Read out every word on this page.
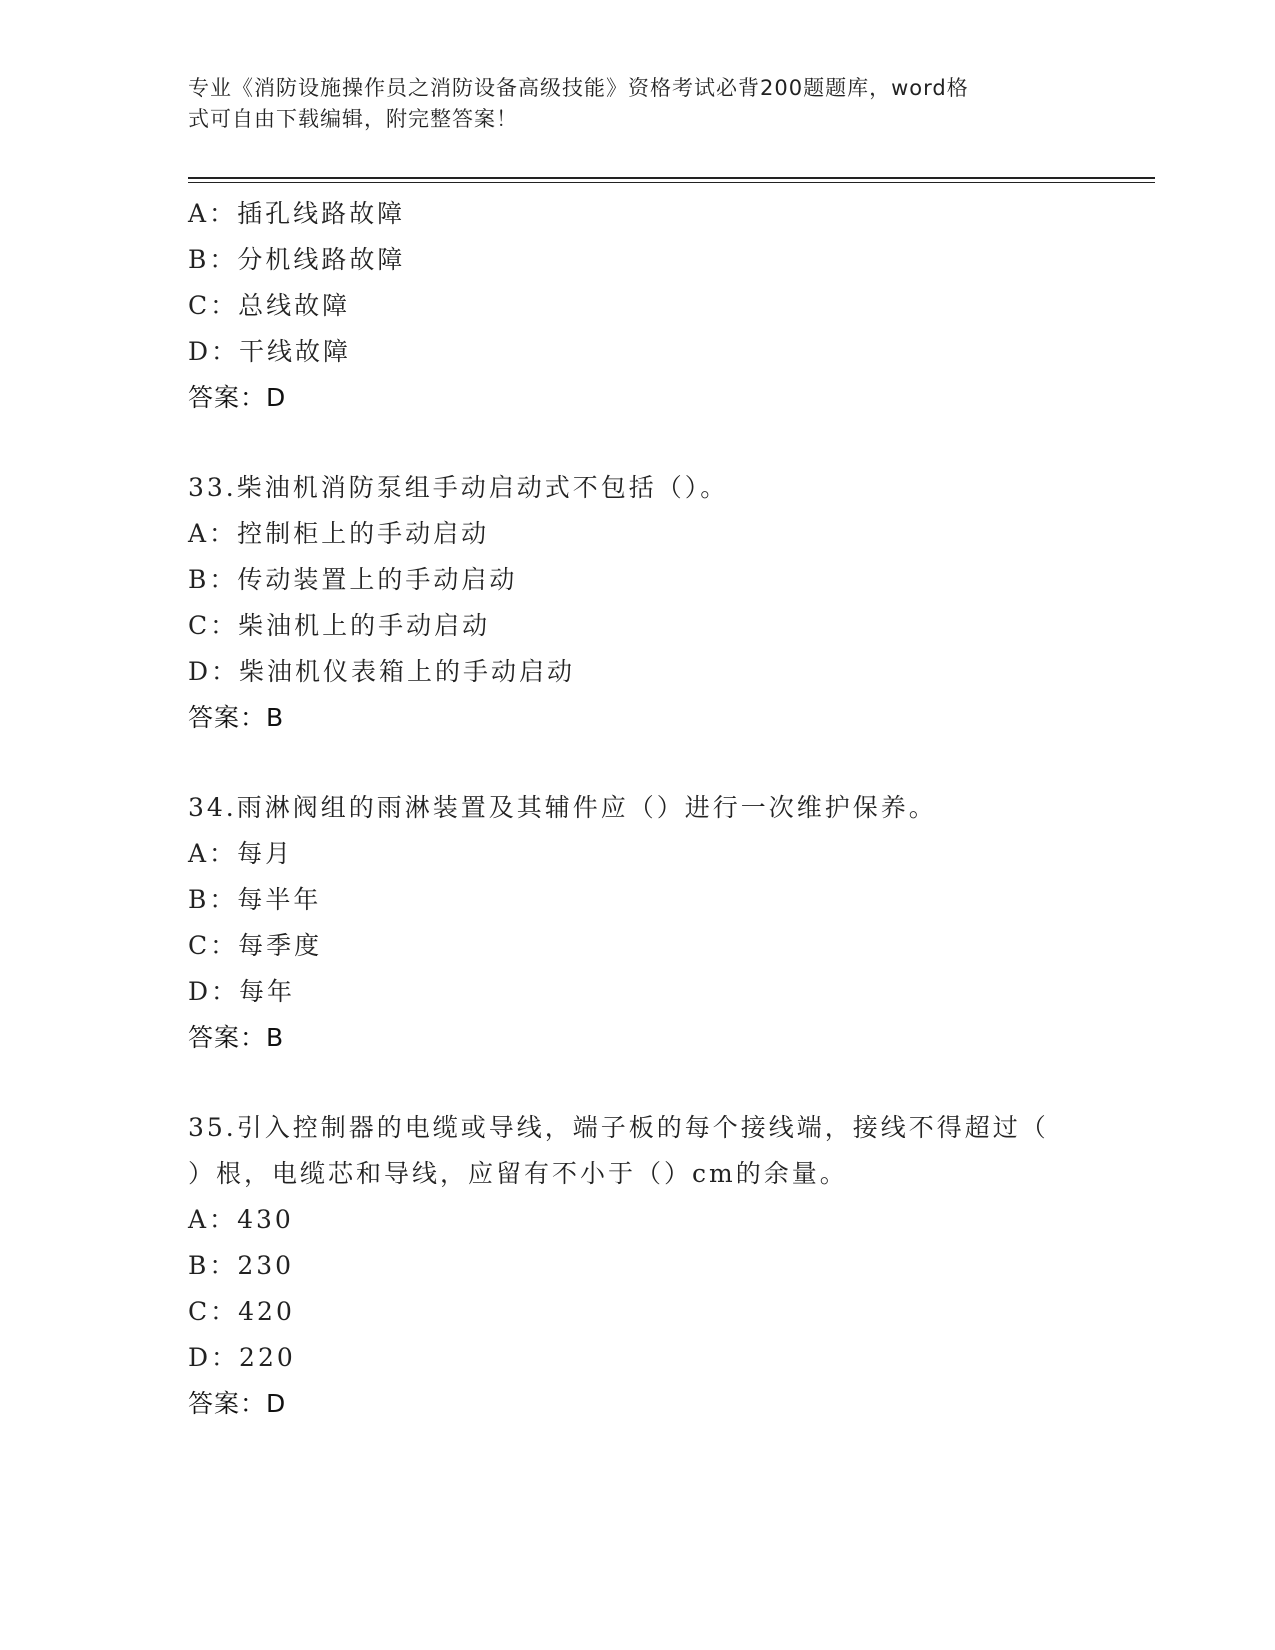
专业《消防设施操作员之消防设备高级技能》资格考试必背200题题库，word格
式可自由下载编辑，附完整答案！
A：插孔线路故障
B：分机线路故障
C：总线故障
D：干线故障
答案：D
33.柴油机消防泵组手动启动式不包括（）。
A：控制柜上的手动启动
B：传动装置上的手动启动
C：柴油机上的手动启动
D：柴油机仪表箱上的手动启动
答案：B
34.雨淋阀组的雨淋装置及其辅件应（）进行一次维护保养。
A：每月
B：每半年
C：每季度
D：每年
答案：B
35.引入控制器的电缆或导线，端子板的每个接线端，接线不得超过（
）根，电缆芯和导线，应留有不小于（）cm的余量。
A：430
B：230
C：420
D：220
答案：D
